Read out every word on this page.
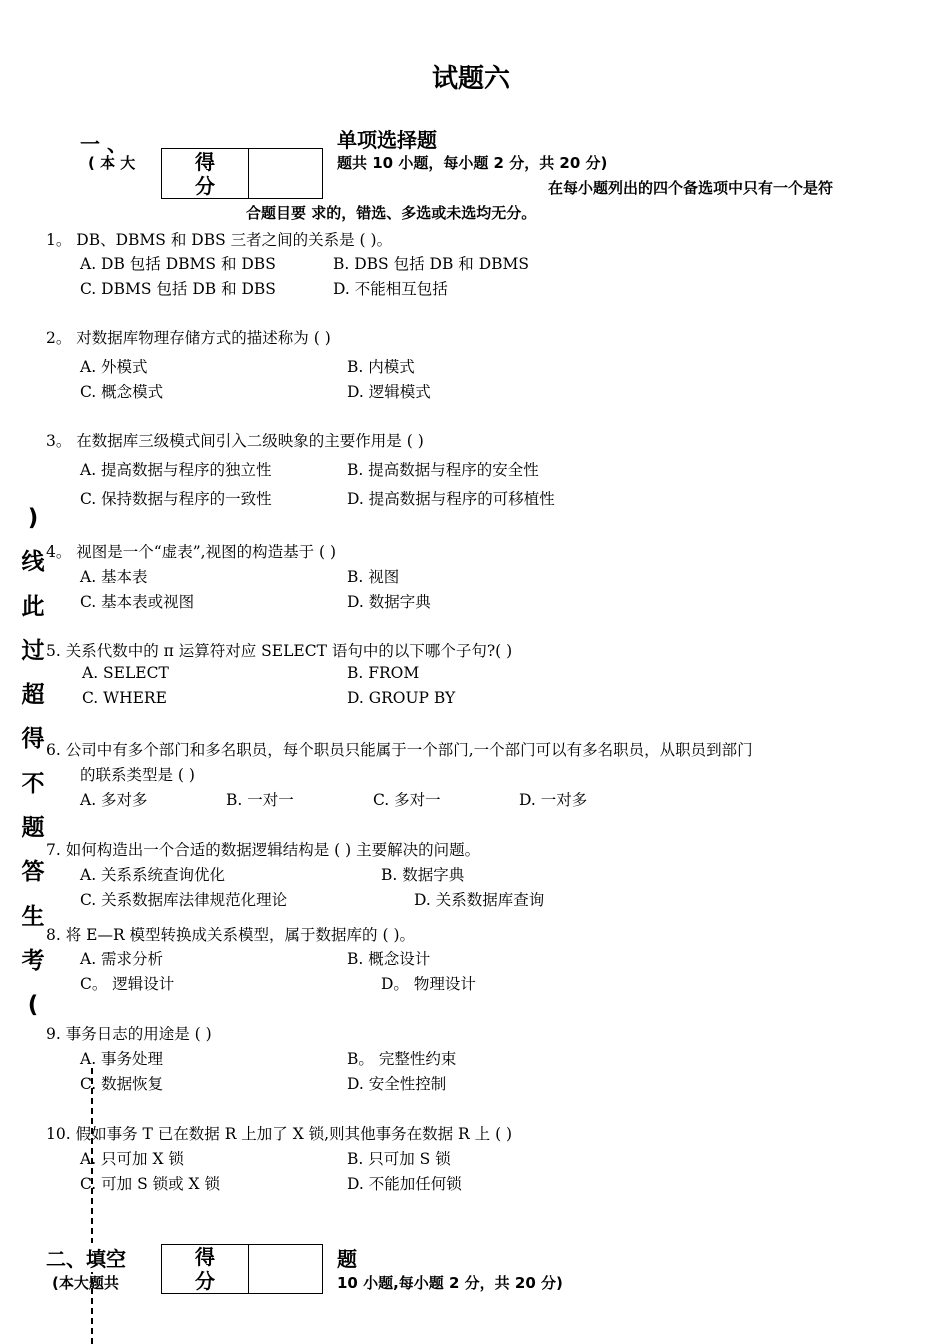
试题六
一 、
( 本 大	得
分
单项选择题
题共 10 小题，每小题 2 分，共 20 分)
在每小题列出的四个备选项中只有一个是符
合题目要 求的，错选、多选或未选均无分。
)
线
此
过
超
得
不
题
答
生
考
(
1。 DB、DBMS 和 DBS 三者之间的关系是 ( )。
A. DB 包括 DBMS 和 DBS	B. DBS 包括 DB 和 DBMS
C. DBMS 包括 DB 和 DBS	D. 不能相互包括
2。 对数据库物理存储方式的描述称为 ( )
A. 外模式	B. 内模式
C. 概念模式	D. 逻辑模式
3。 在数据库三级模式间引入二级映象的主要作用是 ( )
A. 提高数据与程序的独立性	B. 提高数据与程序的安全性
C. 保持数据与程序的一致性	D. 提高数据与程序的可移植性
4。 视图是一个“虚表”,视图的构造基于 ( )
A. 基本表	B. 视图
C. 基本表或视图	D. 数据字典
5. 关系代数中的 π 运算符对应 SELECT 语句中的以下哪个子句?( )
A. SELECT	B. FROM
C. WHERE	D. GROUP BY
6. 公司中有多个部门和多名职员，每个职员只能属于一个部门,一个部门可以有多名职员，从职员到部门
的联系类型是 ( )
A. 多对多	B. 一对一	C. 多对一	D. 一对多
7. 如何构造出一个合适的数据逻辑结构是 ( ) 主要解决的问题。
A. 关系系统查询优化	B. 数据字典
C. 关系数据库法律规范化理论	D. 关系数据库查询
8. 将 E—R 模型转换成关系模型，属于数据库的 ( )。
A. 需求分析	B. 概念设计
C。 逻辑设计	D。 物理设计
9. 事务日志的用途是 ( )
A. 事务处理	B。 完整性约束
C. 数据恢复	D. 安全性控制
10. 假如事务 T 已在数据 R 上加了 X 锁,则其他事务在数据 R 上 ( )
A. 只可加 X 锁	B. 只可加 S 锁
C. 可加 S 锁或 X 锁	D. 不能加任何锁
二、填空
(本大题共
得
分
题
10 小题,每小题 2 分，共 20 分)
